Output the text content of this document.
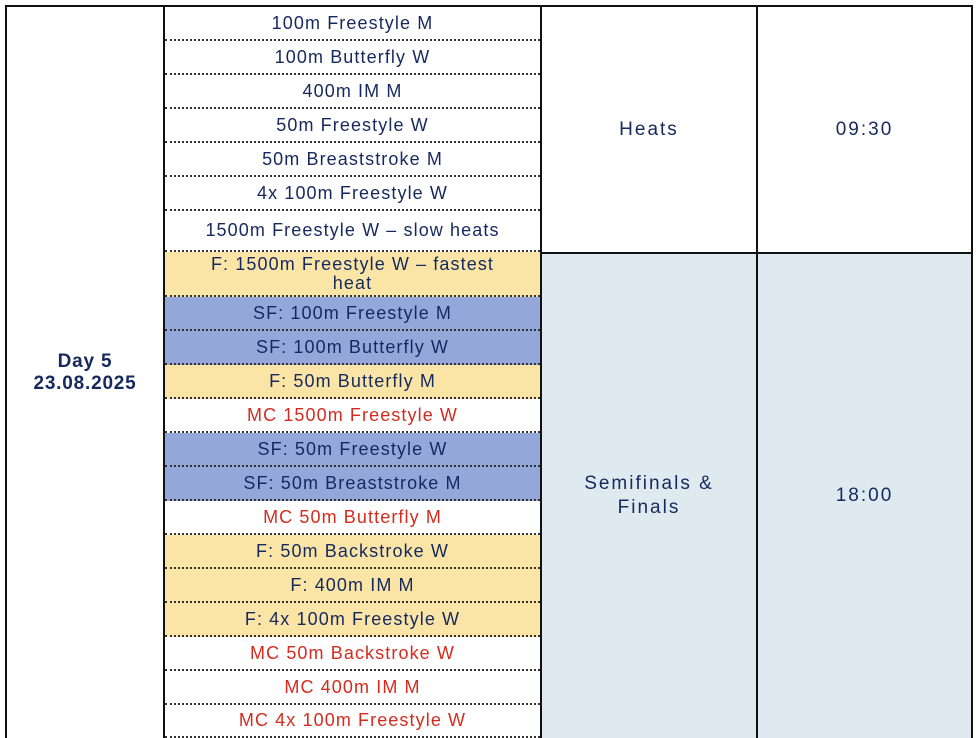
Day 5
23.08.2025
100m Freestyle M
100m Butterfly W
400m IM M
50m Freestyle W
50m Breaststroke M
4x 100m Freestyle W
1500m Freestyle W – slow heats
F: 1500m Freestyle W – fastest heat
SF: 100m Freestyle M
SF: 100m Butterfly W
F: 50m Butterfly M
MC 1500m Freestyle W
SF: 50m Freestyle W
SF: 50m Breaststroke M
MC 50m Butterfly M
F: 50m Backstroke W
F: 400m IM M
F: 4x 100m Freestyle W
MC 50m Backstroke W
MC 400m IM M
MC 4x 100m Freestyle W
Heats	09:30
Semifinals & Finals
18:00
